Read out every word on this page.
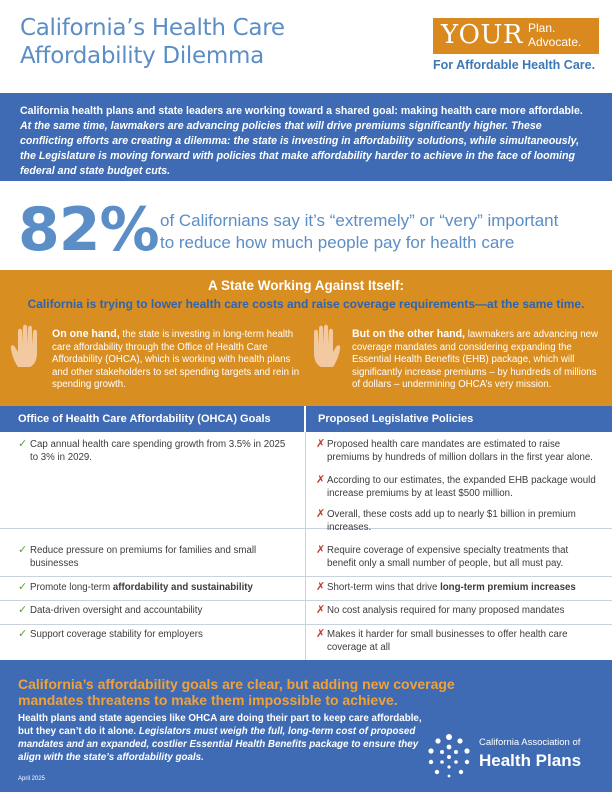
California’s Health Care
Affordability Dilemma
YOUR Plan.
Advocate.
For Affordable Health Care.
California health plans and state leaders are working toward a shared goal: making health care more affordable. At the same time, lawmakers are advancing policies that will drive premiums significantly higher. These conflicting efforts are creating a dilemma: the state is investing in affordability solutions, while simultaneously, the Legislature is moving forward with policies that make affordability harder to achieve in the face of looming federal and state budget cuts.
82% of Californians say it’s “extremely” or “very” important
to reduce how much people pay for health care
A State Working Against Itself:
California is trying to lower health care costs and raise coverage requirements—at the same time.
On one hand, the state is investing in long-term health care affordability through the Office of Health Care Affordability (OHCA), which is working with health plans and other stakeholders to set spending targets and rein in spending growth.
But on the other hand, lawmakers are advancing new coverage mandates and considering expanding the Essential Health Benefits (EHB) package, which will significantly increase premiums – by hundreds of millions of dollars – undermining OHCA’s very mission.
Office of Health Care Affordability (OHCA) Goals	Proposed Legislative Policies
✓ Cap annual health care spending growth from 3.5% in 2025 to 3% in 2029.
✓ Reduce pressure on premiums for families and small businesses
✓ Promote long-term affordability and sustainability
✓ Data-driven oversight and accountability
✓ Support coverage stability for employers
✗ Proposed health care mandates are estimated to raise premiums by hundreds of million dollars in the first year alone.
✗ According to our estimates, the expanded EHB package would increase premiums by at least $500 million.
✗ Overall, these costs add up to nearly $1 billion in premium increases.
✗ Require coverage of expensive specialty treatments that benefit only a small number of people, but all must pay.
✗ Short-term wins that drive long-term premium increases
✗ No cost analysis required for many proposed mandates
✗ Makes it harder for small businesses to offer health care coverage at all
California’s affordability goals are clear, but adding new coverage mandates threatens to make them impossible to achieve.
Health plans and state agencies like OHCA are doing their part to keep care affordable, but they can’t do it alone. Legislators must weigh the full, long-term cost of proposed mandates and an expanded, costlier Essential Health Benefits package to ensure they align with the state’s affordability goals.
April 2025
California Association of
Health Plans
